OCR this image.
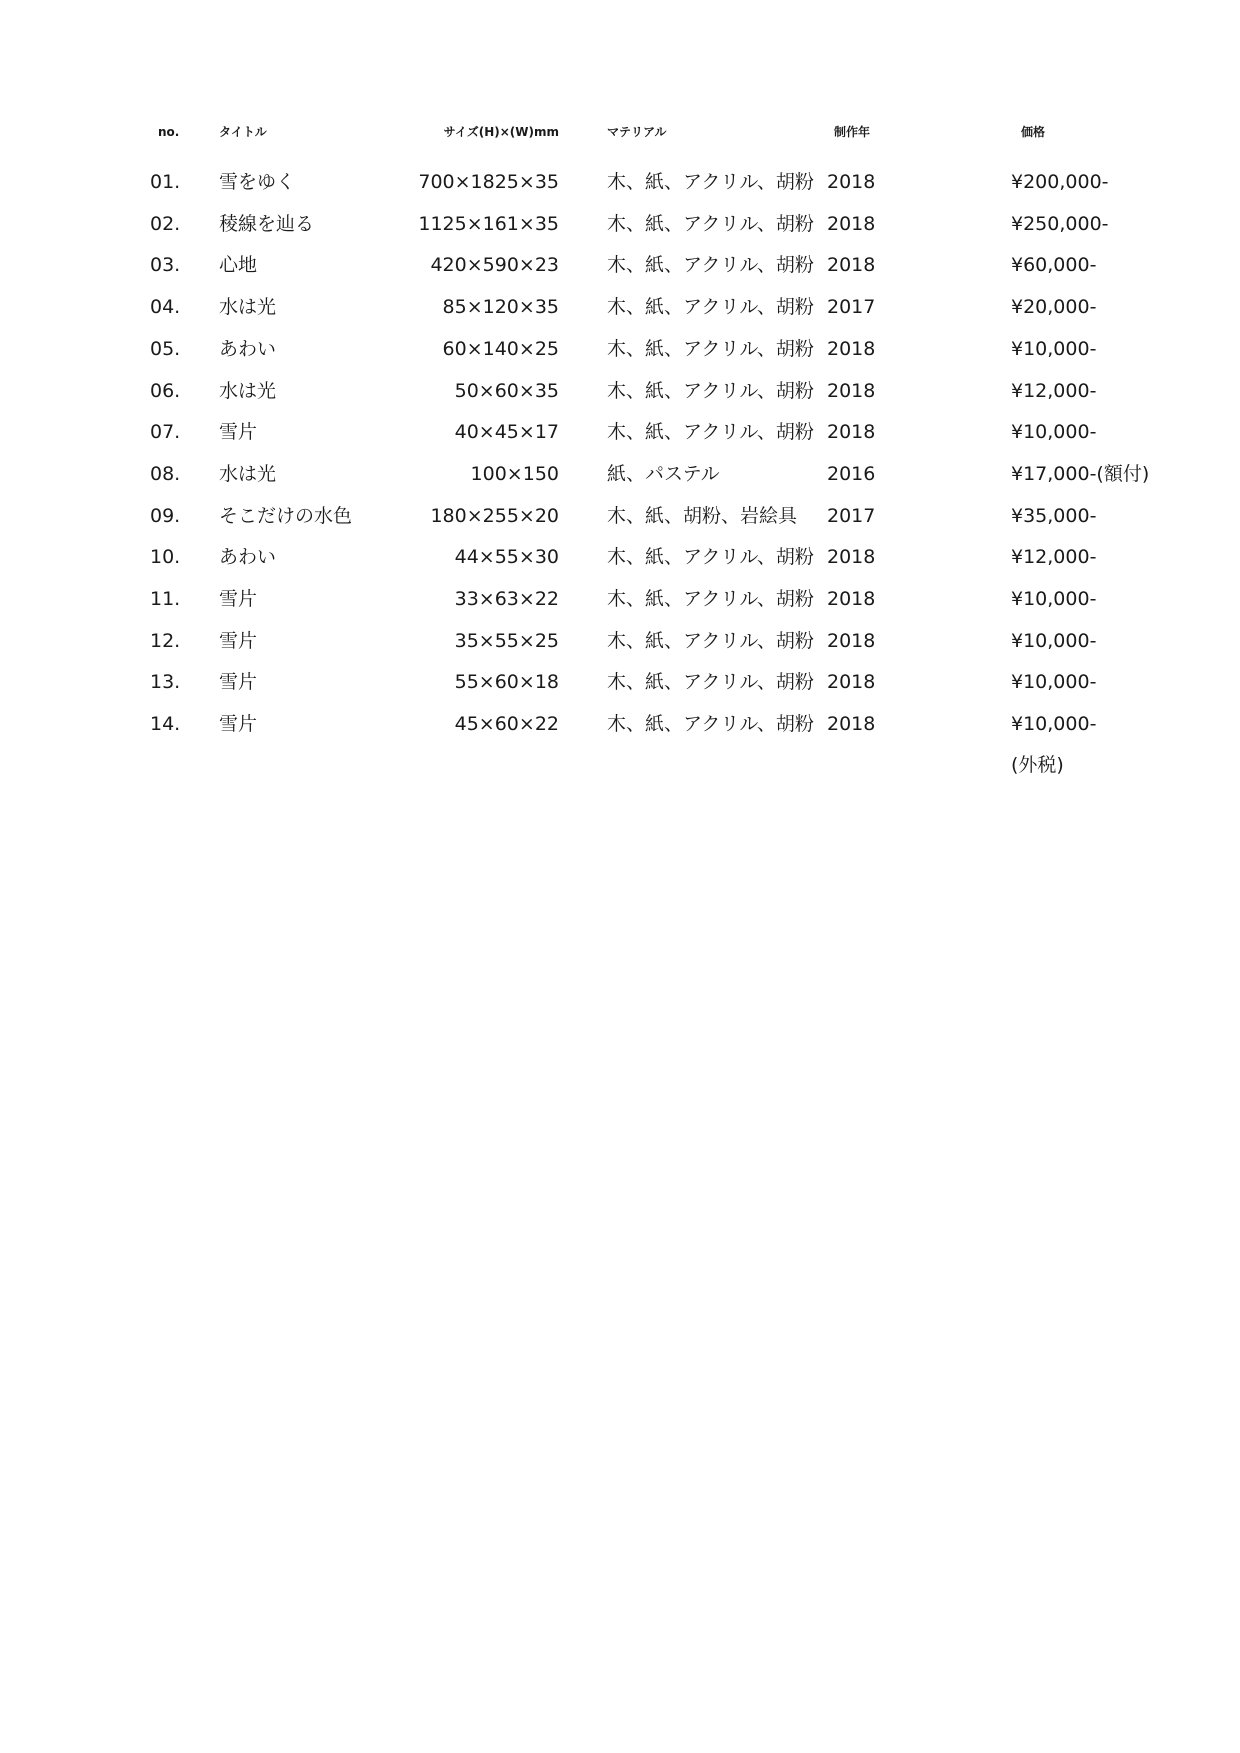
no.	タイトル	サイズ(H)×(W)mm	マテリアル	制作年	価格
01. 雪をゆく	700×1825×35	木、紙、アクリル、胡粉 2018	¥200,000-
02. 稜線を辿る	1125×161×35	木、紙、アクリル、胡粉 2018	¥250,000-
03. 心地	420×590×23	木、紙、アクリル、胡粉 2018	¥60,000-
04. 水は光	85×120×35	木、紙、アクリル、胡粉 2017	¥20,000-
05. あわい	60×140×25	木、紙、アクリル、胡粉 2018	¥10,000-
06. 水は光	50×60×35	木、紙、アクリル、胡粉 2018	¥12,000-
07. 雪片	40×45×17	木、紙、アクリル、胡粉 2018	¥10,000-
08. 水は光	100×150	紙、パステル	2016	¥17,000-(額付)
09. そこだけの水色	180×255×20	木、紙、胡粉、岩絵具 2017	¥35,000-
10. あわい	44×55×30	木、紙、アクリル、胡粉 2018	¥12,000-
11. 雪片	33×63×22	木、紙、アクリル、胡粉 2018	¥10,000-
12. 雪片	35×55×25	木、紙、アクリル、胡粉 2018	¥10,000-
13. 雪片	55×60×18	木、紙、アクリル、胡粉 2018	¥10,000-
14. 雪片	45×60×22	木、紙、アクリル、胡粉 2018	¥10,000-
(外税)
